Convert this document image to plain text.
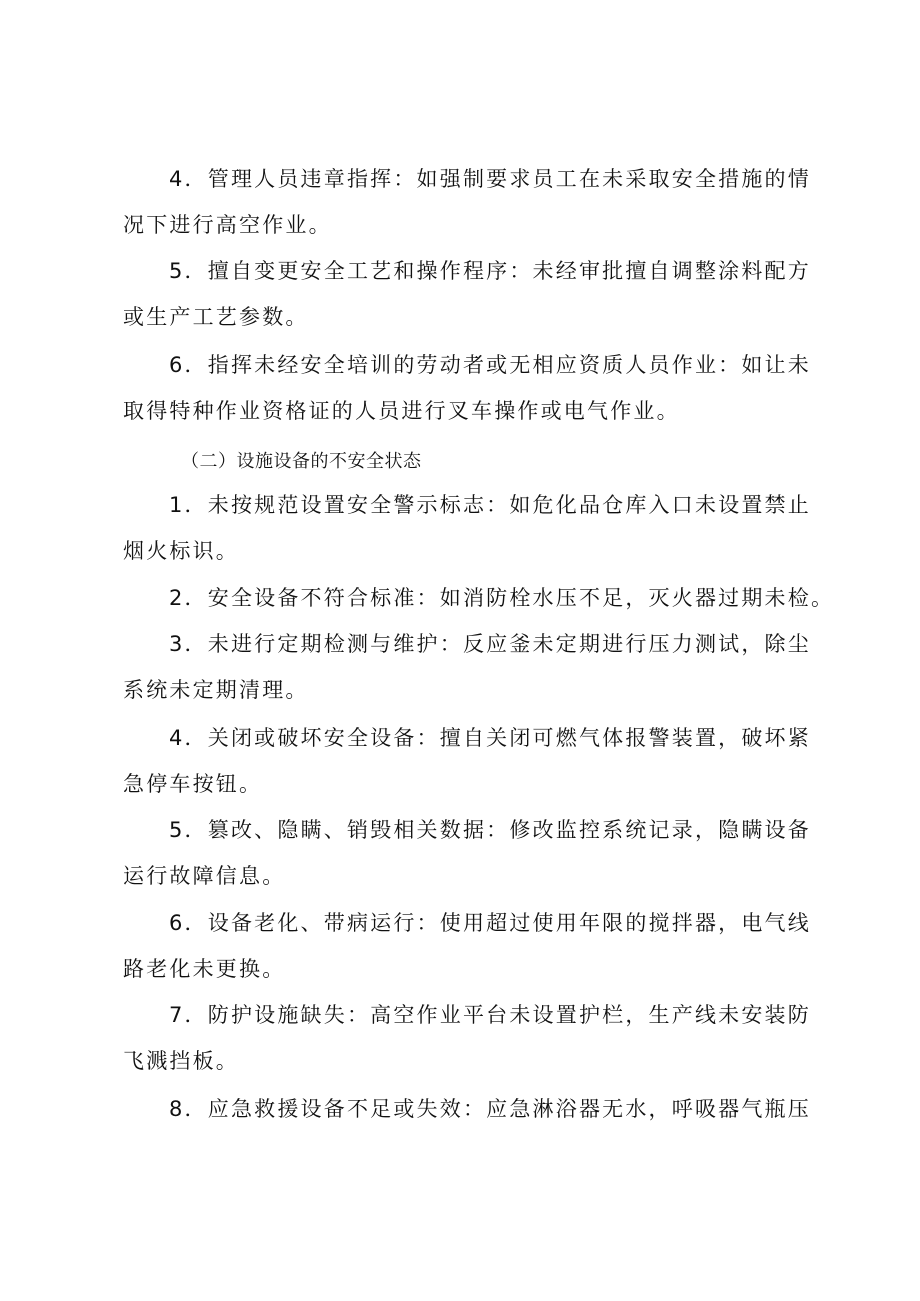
4．管理人员违章指挥：如强制要求员工在未采取安全措施的情
况下进行高空作业。

5．擅自变更安全工艺和操作程序：未经审批擅自调整涂料配方
或生产工艺参数。

6．指挥未经安全培训的劳动者或无相应资质人员作业：如让未
取得特种作业资格证的人员进行叉车操作或电气作业。

（二）设施设备的不安全状态

1．未按规范设置安全警示标志：如危化品仓库入口未设置禁止
烟火标识。

2．安全设备不符合标准：如消防栓水压不足，灭火器过期未检。

3．未进行定期检测与维护：反应釜未定期进行压力测试，除尘
系统未定期清理。

4．关闭或破坏安全设备：擅自关闭可燃气体报警装置，破坏紧
急停车按钮。

5．篡改、隐瞒、销毁相关数据：修改监控系统记录，隐瞒设备
运行故障信息。

6．设备老化、带病运行：使用超过使用年限的搅拌器，电气线
路老化未更换。

7．防护设施缺失：高空作业平台未设置护栏，生产线未安装防
飞溅挡板。

8．应急救援设备不足或失效：应急淋浴器无水，呼吸器气瓶压
